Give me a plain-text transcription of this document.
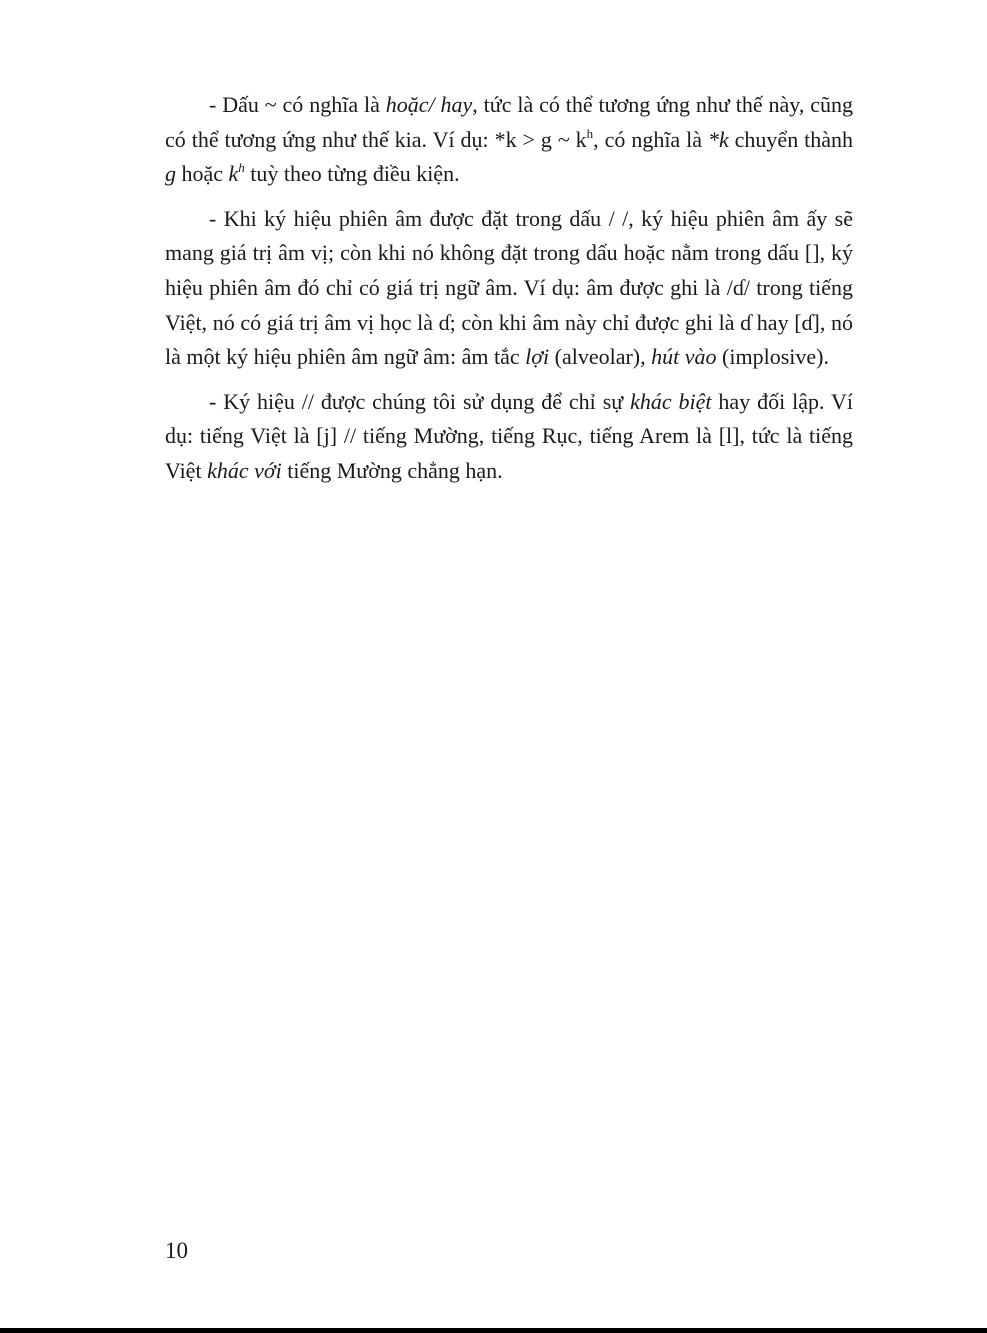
- Dấu ~ có nghĩa là hoặc/ hay, tức là có thể tương ứng như thế này, cũng có thể tương ứng như thế kia. Ví dụ: *k > g ~ $k^h$, có nghĩa là *k chuyển thành g hoặc $k^h$ tuỳ theo từng điều kiện.

- Khi ký hiệu phiên âm được đặt trong dấu / /, ký hiệu phiên âm ấy sẽ mang giá trị âm vị; còn khi nó không đặt trong dấu hoặc nằm trong dấu [], ký hiệu phiên âm đó chỉ có giá trị ngữ âm. Ví dụ: âm được ghi là /ɗ/ trong tiếng Việt, nó có giá trị âm vị học là ɗ; còn khi âm này chỉ được ghi là ɗ hay [ɗ], nó là một ký hiệu phiên âm ngữ âm: âm tắc lợi (alveolar), hút vào (implosive).

- Ký hiệu // được chúng tôi sử dụng để chỉ sự khác biệt hay đối lập. Ví dụ: tiếng Việt là [j] // tiếng Mường, tiếng Rục, tiếng Arem là [l], tức là tiếng Việt khác với tiếng Mường chẳng hạn.

10
